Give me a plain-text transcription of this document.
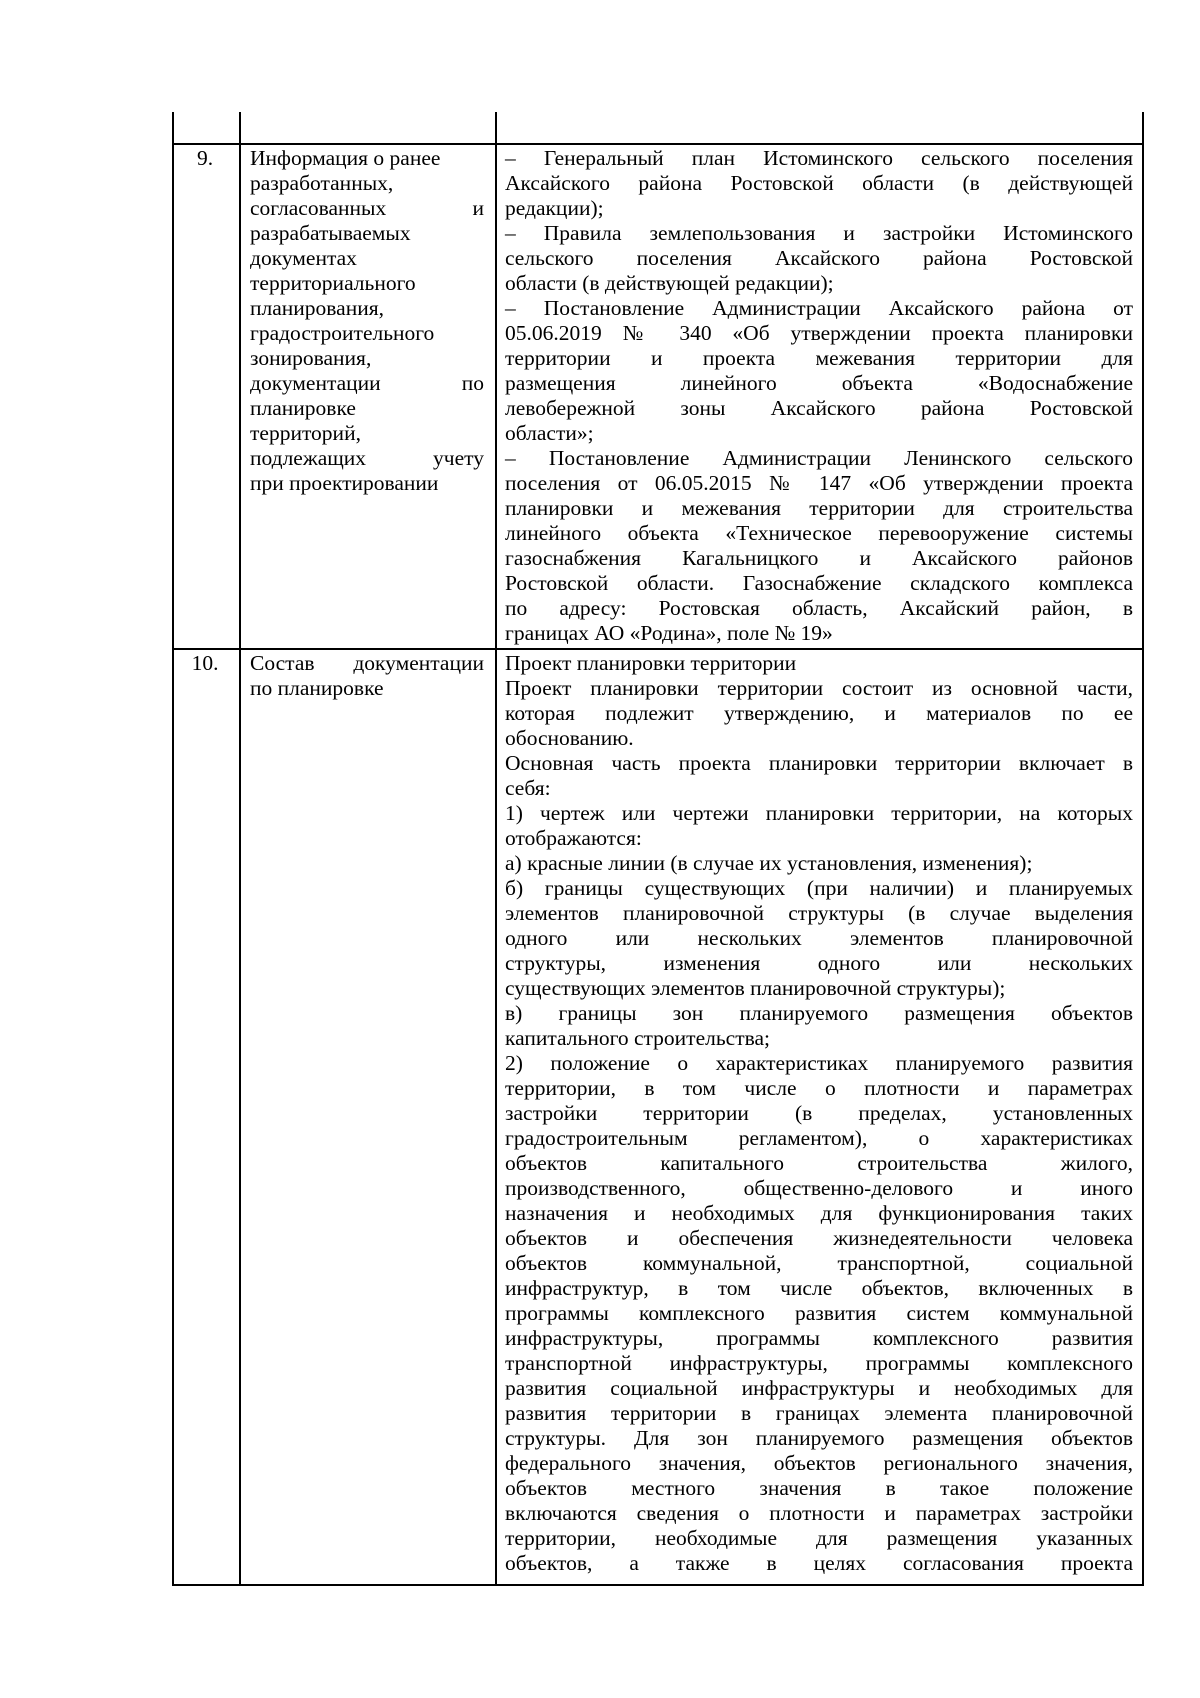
9.	Информация о ранее
разработанных,
согласованных и
разрабатываемых
документах
территориального
планирования,
градостроительного
зонирования,
документации по
планировке
территорий,
подлежащих учету
при проектировании
– Генеральный план Истоминского сельского поселения
Аксайского района Ростовской области (в действующей
редакции);
– Правила землепользования и застройки Истоминского
сельского поселения Аксайского района Ростовской
области (в действующей редакции);
– Постановление Администрации Аксайского района от
05.06.2019 № 340 «Об утверждении проекта планировки
территории и проекта межевания территории для
размещения линейного объекта «Водоснабжение
левобережной зоны Аксайского района Ростовской
области»;
– Постановление Администрации Ленинского сельского
поселения от 06.05.2015 № 147 «Об утверждении проекта
планировки и межевания территории для строительства
линейного объекта «Техническое перевооружение системы
газоснабжения Кагальницкого и Аксайского районов
Ростовской области. Газоснабжение складского комплекса
по адресу: Ростовская область, Аксайский район, в
границах АО «Родина», поле № 19»
10.	Состав документации
по планировке
Проект планировки территории
Проект планировки территории состоит из основной части,
которая подлежит утверждению, и материалов по ее
обоснованию.
Основная часть проекта планировки территории включает в
себя:
1) чертеж или чертежи планировки территории, на которых
отображаются:
а) красные линии (в случае их установления, изменения);
б) границы существующих (при наличии) и планируемых
элементов планировочной структуры (в случае выделения
одного или нескольких элементов планировочной
структуры, изменения одного или нескольких
существующих элементов планировочной структуры);
в) границы зон планируемого размещения объектов
капитального строительства;
2) положение о характеристиках планируемого развития
территории, в том числе о плотности и параметрах
застройки территории (в пределах, установленных
градостроительным регламентом), о характеристиках
объектов капитального строительства жилого,
производственного, общественно-делового и иного
назначения и необходимых для функционирования таких
объектов и обеспечения жизнедеятельности человека
объектов коммунальной, транспортной, социальной
инфраструктур, в том числе объектов, включенных в
программы комплексного развития систем коммунальной
инфраструктуры, программы комплексного развития
транспортной инфраструктуры, программы комплексного
развития социальной инфраструктуры и необходимых для
развития территории в границах элемента планировочной
структуры. Для зон планируемого размещения объектов
федерального значения, объектов регионального значения,
объектов местного значения в такое положение
включаются сведения о плотности и параметрах застройки
территории, необходимые для размещения указанных
объектов, а также в целях согласования проекта
